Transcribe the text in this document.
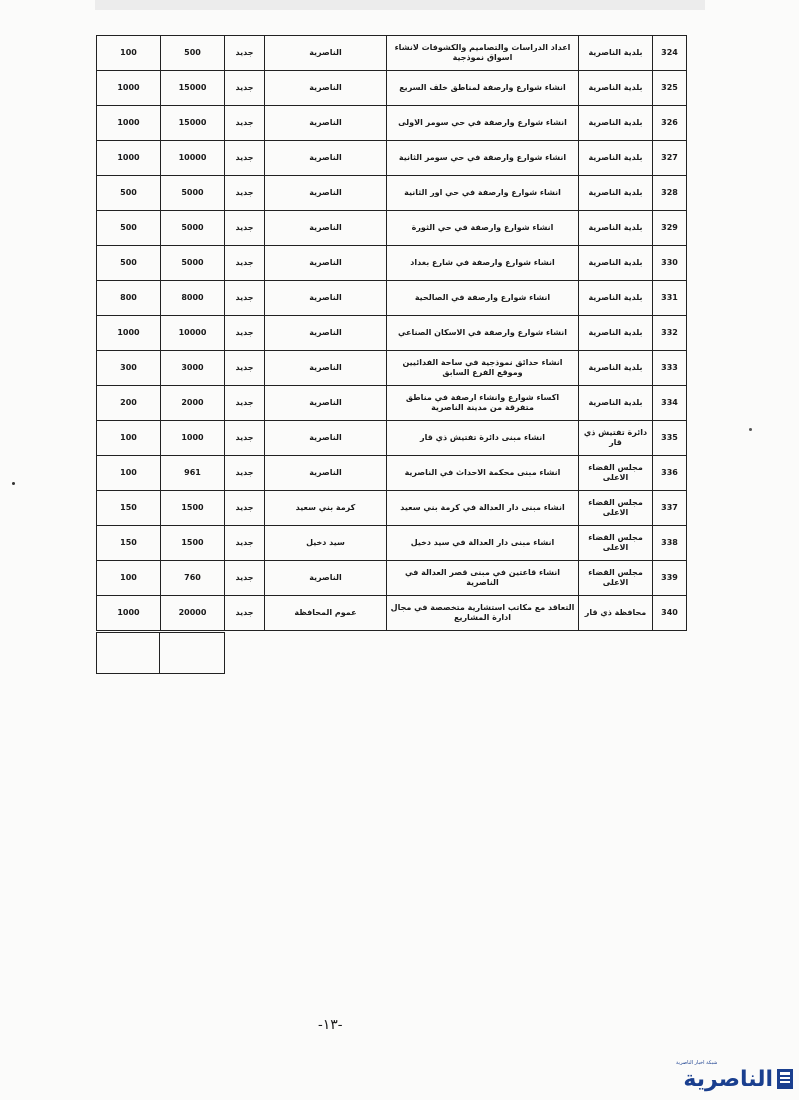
100	500	جديد	الناصرية	اعداد الدراسات والتصاميم والكشوفات لانشاء اسواق نموذجية	بلدية الناصرية	324
1000	15000	جديد	الناصرية	انشاء شوارع وارصفة لمناطق خلف السريع	بلدية الناصرية	325
1000	15000	جديد	الناصرية	انشاء شوارع وارصفة في حي سومر الاولى	بلدية الناصرية	326
1000	10000	جديد	الناصرية	انشاء شوارع وارصفة في حي سومر الثانية	بلدية الناصرية	327
500	5000	جديد	الناصرية	انشاء شوارع وارصفة في حي اور الثانية	بلدية الناصرية	328
500	5000	جديد	الناصرية	انشاء شوارع وارصفة في حي الثورة	بلدية الناصرية	329
500	5000	جديد	الناصرية	انشاء شوارع وارصفة في شارع بغداد	بلدية الناصرية	330
800	8000	جديد	الناصرية	انشاء شوارع وارصفة في الصالحية	بلدية الناصرية	331
1000	10000	جديد	الناصرية	انشاء شوارع وارصفة في الاسكان الصناعي	بلدية الناصرية	332
300	3000	جديد	الناصرية	انشاء حدائق نموذجية في ساحة الفدائيين وموقع الفرع السابق	بلدية الناصرية	333
200	2000	جديد	الناصرية	اكساء شوارع وانشاء ارصفة في مناطق متفرقة من مدينة الناصرية	بلدية الناصرية	334
100	1000	جديد	الناصرية	انشاء مبنى دائرة تفتيش ذي قار	دائرة تفتيش ذي قار	335
100	961	جديد	الناصرية	انشاء مبنى محكمة الاحداث في الناصرية	مجلس القضاء الاعلى	336
150	1500	جديد	كرمة بني سعيد	انشاء مبنى دار العدالة في كرمة بني سعيد	مجلس القضاء الاعلى	337
150	1500	جديد	سيد دخيل	انشاء مبنى دار العدالة في سيد دخيل	مجلس القضاء الاعلى	338
100	760	جديد	الناصرية	انشاء قاعتين في مبنى قصر العدالة في الناصرية	مجلس القضاء الاعلى	339
1000	20000	جديد	عموم المحافظة	التعاقد مع مكاتب استشارية متخصصة في مجال ادارة المشاريع	محافظة ذي قار	340

-١٣-
شبكة اخبار الناصرية
الناصرية
